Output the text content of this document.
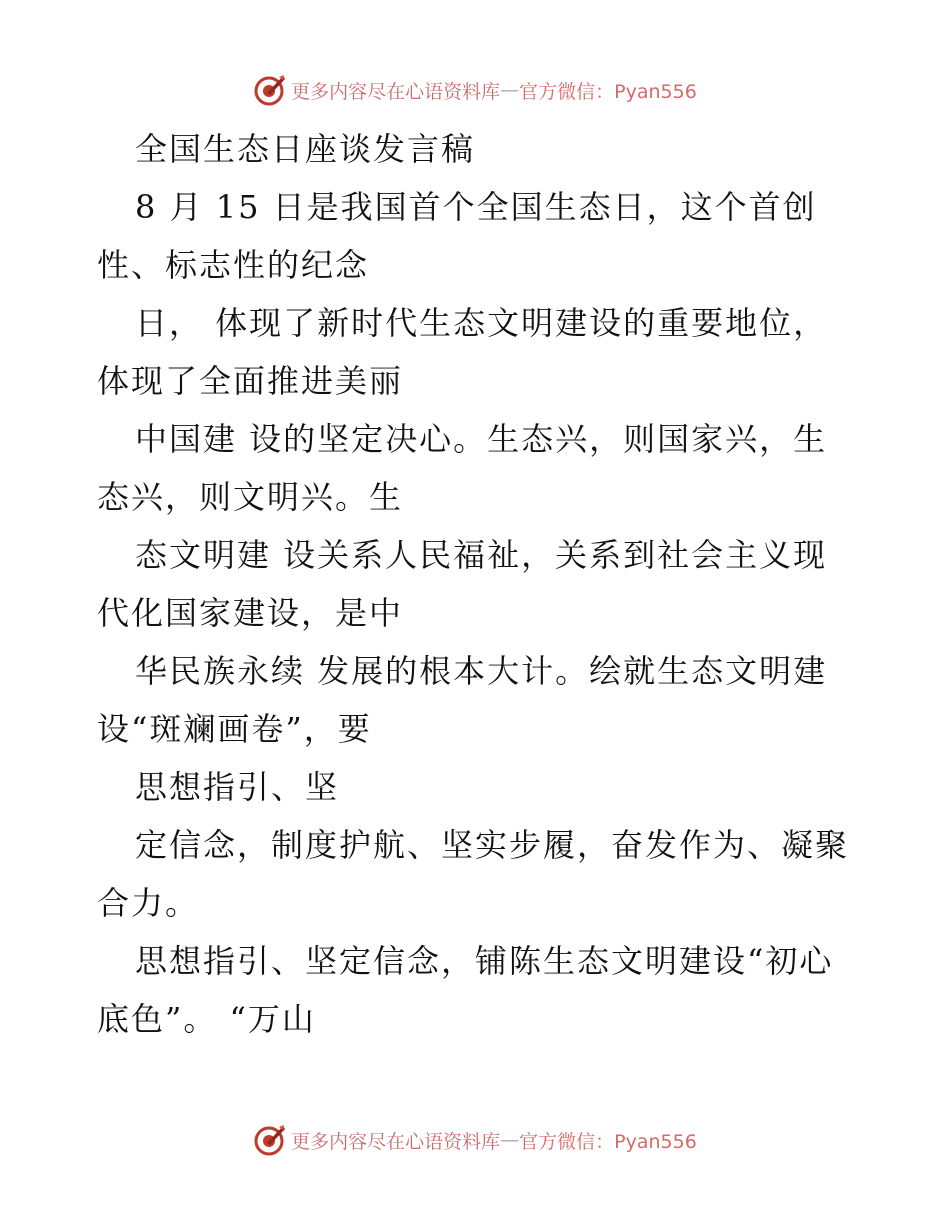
更多内容尽在心语资料库 — 官方微信：Pyan556
全国生态日座谈发言稿
8 月 15 日是我国首个全国生态日，这个首创
性、标志性的纪念
日， 体现了新时代生态文明建设的重要地位，
体现了全面推进美丽
中国建 设的坚定决心。生态兴，则国家兴，生
态兴，则文明兴。生
态文明建 设关系人民福祉，关系到社会主义现
代化国家建设，是中
华民族永续 发展的根本大计。绘就生态文明建
设“斑斓画卷”，要
思想指引、坚
定信念，制度护航、坚实步履，奋发作为、凝聚
合力。
思想指引、坚定信念，铺陈生态文明建设“初心
底色”。 “万山
更多内容尽在心语资料库 — 官方微信：Pyan556
